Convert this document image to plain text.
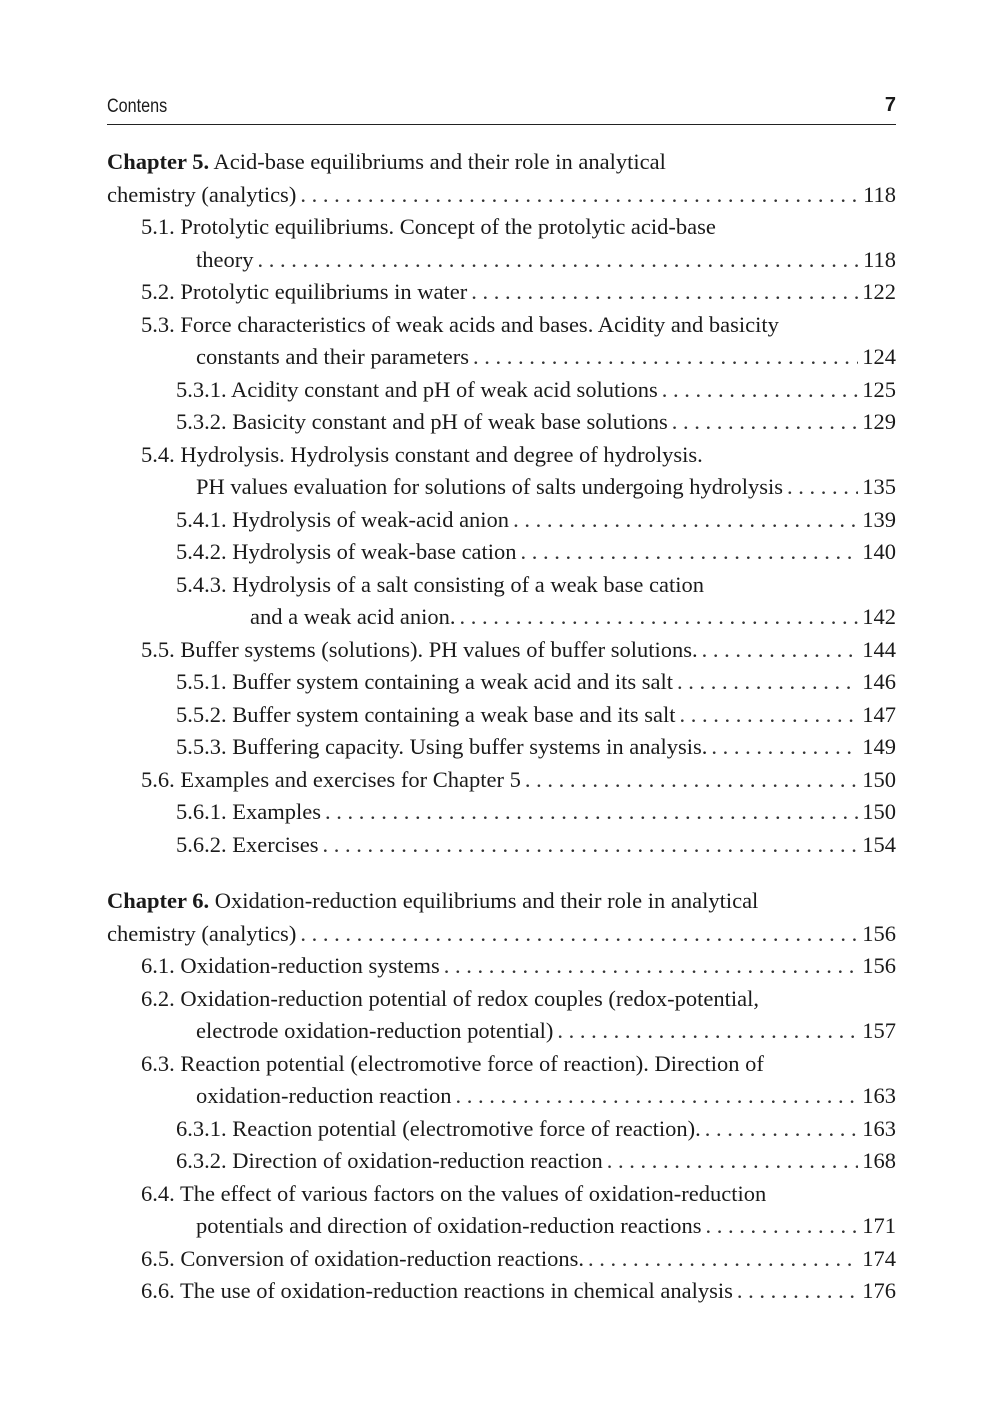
Contens	7
Chapter 5. Acid-base equilibriums and their role in analytical
chemistry (analytics) . . .	118
5.1. Protolytic equilibriums. Concept of the protolytic acid-base
theory . . .	118
5.2. Protolytic equilibriums in water . . .	122
5.3. Force characteristics of weak acids and bases. Acidity and basicity
constants and their parameters . . .	124
5.3.1. Acidity constant and pH of weak acid solutions . . .	125
5.3.2. Basicity constant and pH of weak base solutions . . .	129
5.4. Hydrolysis. Hydrolysis constant and degree of hydrolysis.
PH values evaluation for solutions of salts undergoing hydrolysis . . .	135
5.4.1. Hydrolysis of weak-acid anion . . .	139
5.4.2. Hydrolysis of weak-base cation . . .	140
5.4.3. Hydrolysis of a salt consisting of a weak base cation
and a weak acid anion. . . .	142
5.5. Buffer systems (solutions). PH values of buffer solutions. . . .	144
5.5.1. Buffer system containing a weak acid and its salt . . .	146
5.5.2. Buffer system containing a weak base and its salt . . .	147
5.5.3. Buffering capacity. Using buffer systems in analysis. . . .	149
5.6. Examples and exercises for Chapter 5 . . .	150
5.6.1. Examples . . .	150
5.6.2. Exercises . . .	154
Chapter 6. Oxidation-reduction equilibriums and their role in analytical
chemistry (analytics) . . .	156
6.1. Oxidation-reduction systems . . .	156
6.2. Oxidation-reduction potential of redox couples (redox-potential,
electrode oxidation-reduction potential) . . .	157
6.3. Reaction potential (electromotive force of reaction). Direction of
oxidation-reduction reaction . . .	163
6.3.1. Reaction potential (electromotive force of reaction). . . .	163
6.3.2. Direction of oxidation-reduction reaction . . .	168
6.4. The effect of various factors on the values of oxidation-reduction
potentials and direction of oxidation-reduction reactions . . .	171
6.5. Conversion of oxidation-reduction reactions. . . .	174
6.6. The use of oxidation-reduction reactions in chemical analysis . . .	176
